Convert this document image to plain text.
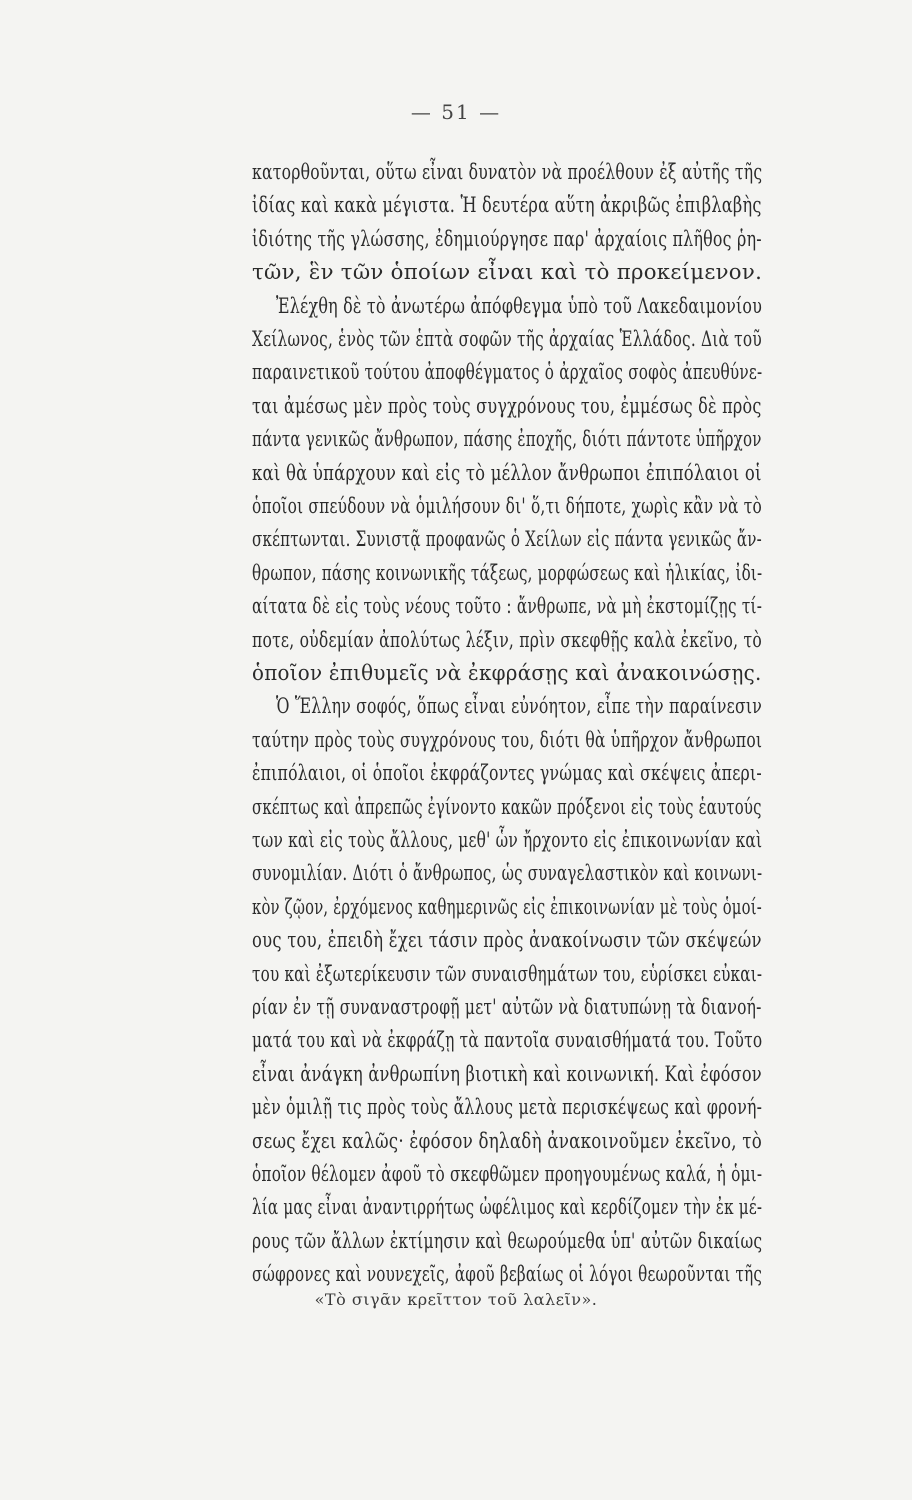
— 51 —
κατορθοῦνται, οὕτω εἶναι δυνατὸν νὰ προέλθουν ἐξ αὐτῆς τῆς
ἰδίας καὶ κακὰ μέγιστα. Ἡ δευτέρα αὕτη ἀκριβῶς ἐπιβλαβὴς
ἰδιότης τῆς γλώσσης, ἐδημιούργησε παρ' ἀρχαίοις πλῆθος ῥη-
τῶν, ἓν τῶν ὁποίων εἶναι καὶ τὸ προκείμενον.
Ἐλέχθη δὲ τὸ ἀνωτέρω ἀπόφθεγμα ὑπὸ τοῦ Λακεδαιμονίου
Χείλωνος, ἑνὸς τῶν ἑπτὰ σοφῶν τῆς ἀρχαίας Ἑλλάδος. Διὰ τοῦ
παραινετικοῦ τούτου ἀποφθέγματος ὁ ἀρχαῖος σοφὸς ἀπευθύνε-
ται ἀμέσως μὲν πρὸς τοὺς συγχρόνους του, ἐμμέσως δὲ πρὸς
πάντα γενικῶς ἄνθρωπον, πάσης ἐποχῆς, διότι πάντοτε ὑπῆρχον
καὶ θὰ ὑπάρχουν καὶ εἰς τὸ μέλλον ἄνθρωποι ἐπιπόλαιοι οἱ
ὁποῖοι σπεύδουν νὰ ὁμιλήσουν δι' ὅ,τι δήποτε, χωρὶς κἂν νὰ τὸ
σκέπτωνται. Συνιστᾷ προφανῶς ὁ Χείλων εἰς πάντα γενικῶς ἄν-
θρωπον, πάσης κοινωνικῆς τάξεως, μορφώσεως καὶ ἡλικίας, ἰδι-
αίτατα δὲ εἰς τοὺς νέους τοῦτο : ἄνθρωπε, νὰ μὴ ἐκστομίζῃς τί-
ποτε, οὐδεμίαν ἀπολύτως λέξιν, πρὶν σκεφθῇς καλὰ ἐκεῖνο, τὸ
ὁποῖον ἐπιθυμεῖς νὰ ἐκφράσῃς καὶ ἀνακοινώσῃς.
Ὁ Ἕλλην σοφός, ὅπως εἶναι εὐνόητον, εἶπε τὴν παραίνεσιν
ταύτην πρὸς τοὺς συγχρόνους του, διότι θὰ ὑπῆρχον ἄνθρωποι
ἐπιπόλαιοι, οἱ ὁποῖοι ἐκφράζοντες γνώμας καὶ σκέψεις ἀπερι-
σκέπτως καὶ ἀπρεπῶς ἐγίνοντο κακῶν πρόξενοι εἰς τοὺς ἑαυτούς
των καὶ εἰς τοὺς ἄλλους, μεθ' ὧν ἤρχοντο εἰς ἐπικοινωνίαν καὶ
συνομιλίαν. Διότι ὁ ἄνθρωπος, ὡς συναγελαστικὸν καὶ κοινωνι-
κὸν ζῷον, ἐρχόμενος καθημερινῶς εἰς ἐπικοινωνίαν μὲ τοὺς ὁμοί-
ους του, ἐπειδὴ ἔχει τάσιν πρὸς ἀνακοίνωσιν τῶν σκέψεών
του καὶ ἐξωτερίκευσιν τῶν συναισθημάτων του, εὑρίσκει εὐκαι-
ρίαν ἐν τῇ συναναστροφῇ μετ' αὐτῶν νὰ διατυπώνῃ τὰ διανοή-
ματά του καὶ νὰ ἐκφράζῃ τὰ παντοῖα συναισθήματά του. Τοῦτο
εἶναι ἀνάγκη ἀνθρωπίνη βιοτικὴ καὶ κοινωνική. Καὶ ἐφόσον
μὲν ὁμιλῇ τις πρὸς τοὺς ἄλλους μετὰ περισκέψεως καὶ φρονή-
σεως ἔχει καλῶς· ἐφόσον δηλαδὴ ἀνακοινοῦμεν ἐκεῖνο, τὸ
ὁποῖον θέλομεν ἀφοῦ τὸ σκεφθῶμεν προηγουμένως καλά, ἡ ὁμι-
λία μας εἶναι ἀναντιρρήτως ὠφέλιμος καὶ κερδίζομεν τὴν ἐκ μέ-
ρους τῶν ἄλλων ἐκτίμησιν καὶ θεωρούμεθα ὑπ' αὐτῶν δικαίως
σώφρονες καὶ νουνεχεῖς, ἀφοῦ βεβαίως οἱ λόγοι θεωροῦνται τῆς
«Τὸ σιγᾶν κρεῖττον τοῦ λαλεῖν».
